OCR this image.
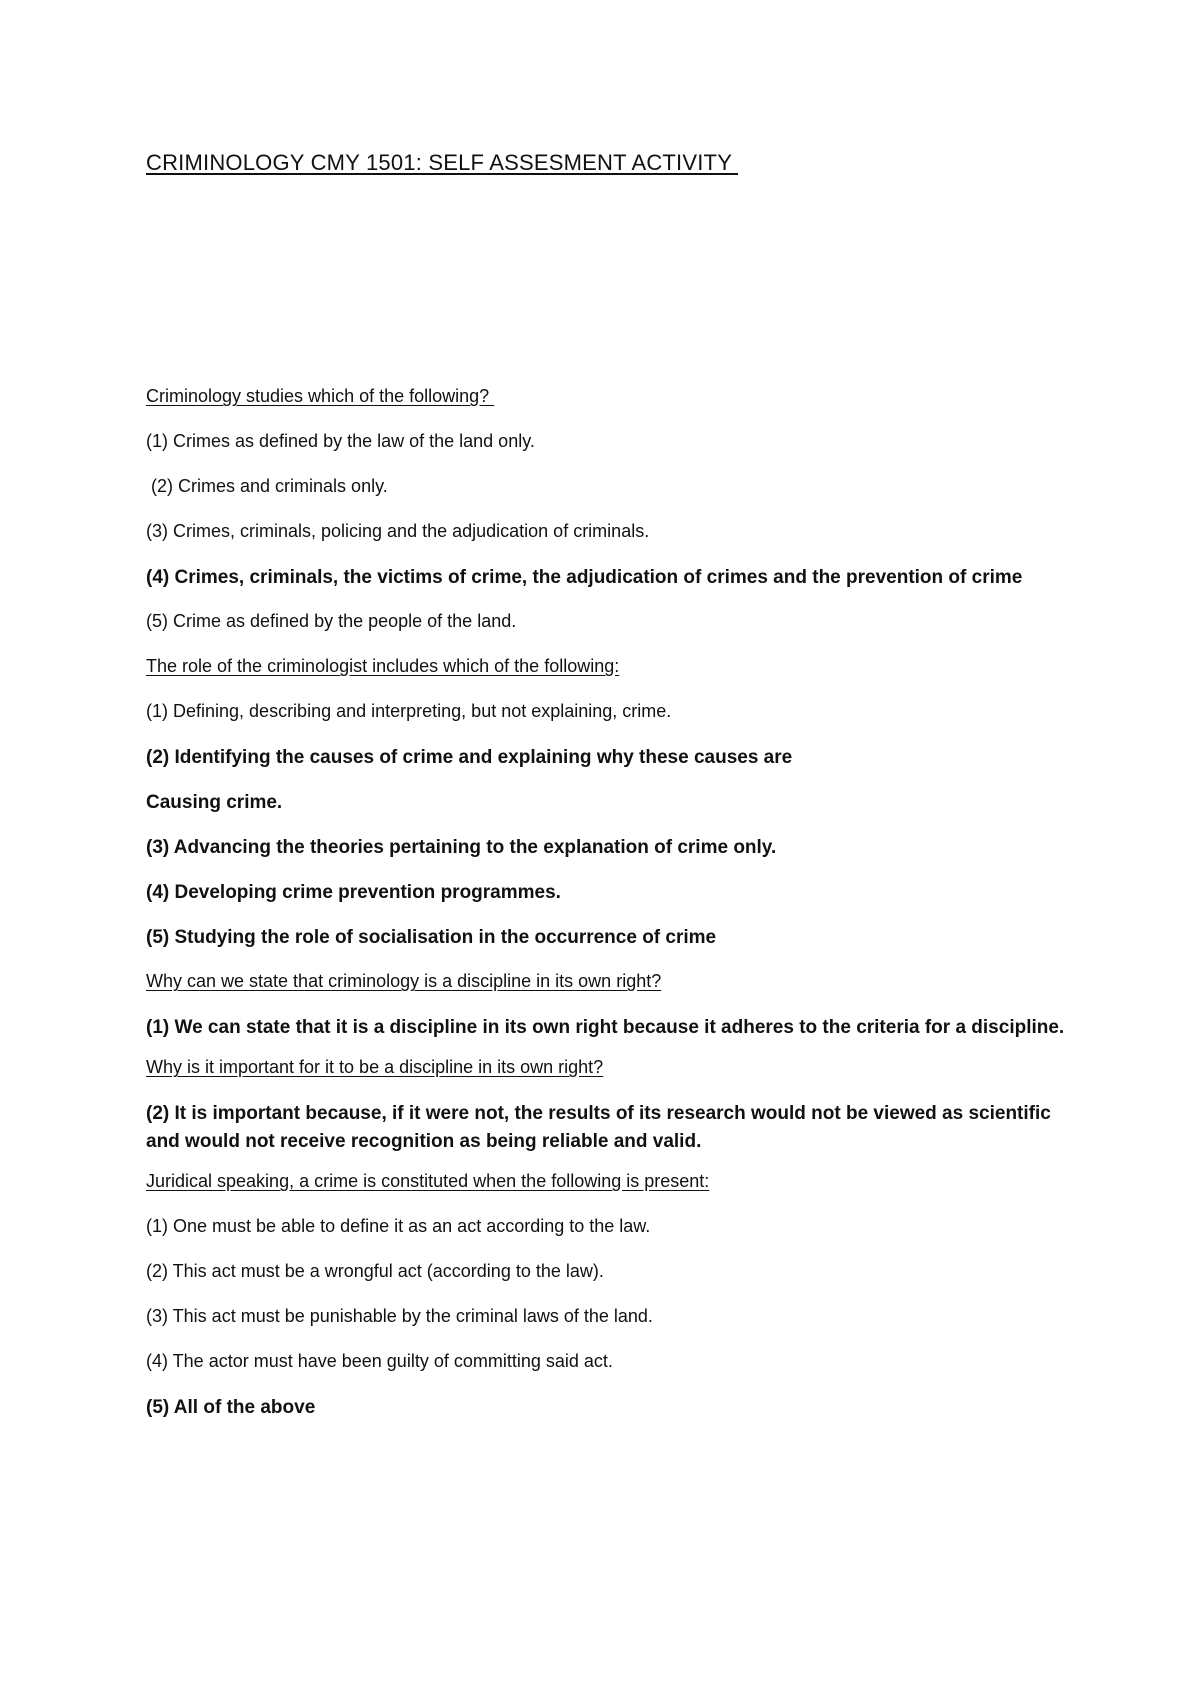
CRIMINOLOGY CMY 1501: SELF ASSESMENT ACTIVITY

Criminology studies which of the following?

(1) Crimes as defined by the law of the land only.

(2) Crimes and criminals only.

(3) Crimes, criminals, policing and the adjudication of criminals.

(4) Crimes, criminals, the victims of crime, the adjudication of crimes and the prevention of crime

(5) Crime as defined by the people of the land.

The role of the criminologist includes which of the following:

(1) Defining, describing and interpreting, but not explaining, crime.

(2) Identifying the causes of crime and explaining why these causes are

Causing crime.

(3) Advancing the theories pertaining to the explanation of crime only.

(4) Developing crime prevention programmes.

(5) Studying the role of socialisation in the occurrence of crime

Why can we state that criminology is a discipline in its own right?

(1) We can state that it is a discipline in its own right because it adheres to the criteria for a discipline.

Why is it important for it to be a discipline in its own right?

(2) It is important because, if it were not, the results of its research would not be viewed as scientific and would not receive recognition as being reliable and valid.

Juridical speaking, a crime is constituted when the following is present:

(1) One must be able to define it as an act according to the law.

(2) This act must be a wrongful act (according to the law).

(3) This act must be punishable by the criminal laws of the land.

(4) The actor must have been guilty of committing said act.

(5) All of the above
